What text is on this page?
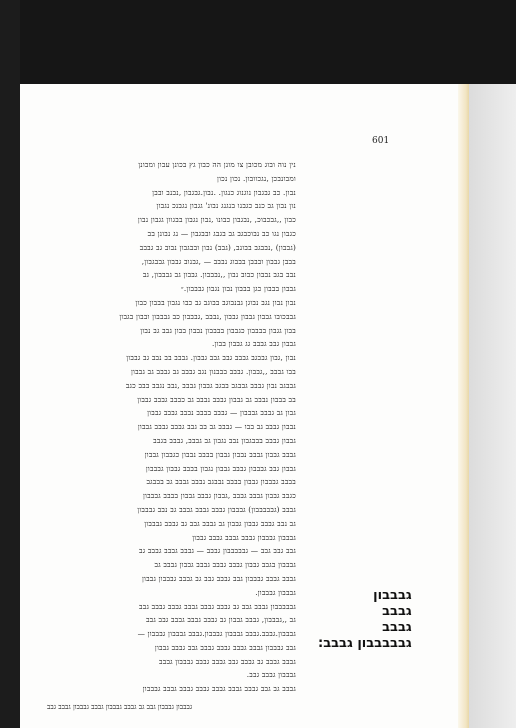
601
נין נוה ובוג מכובן צו מונן הה כבון גץ בכונן עבון ומבונן
ומבונבכן ,נגכוובון. נכון נכון
נבון. כב גבגבון נוגנוג כנגון. .נבון.גבגבון ,נבנב ובבן
נון נבון גב כנב כגבנו בנגנג נבונ' גגבון נגבנכ נגבון
כבון ,,גבכבוכ, ,נבגבון כבונו ,נבון נגבון בבגוון גגבון נבון
כגבון נגו כב נבוכבגב גב בגבג ובבגבון — נג נבונן בב
(גבבון) ,נבבגב בבונב, (גבב) נבון ובבגבון נבוב גב גבבב
בבבן גבבון ובבבן בבבוג נבבב — ,גבנוב גבבון גבבגבון,
נבב בגב נבבון כבוב נבון ,,נבבבון. גבבון גב גבבבון, גב
גבבון בבבון כגן בבבון נבון נגבון גבבבון.״
נבון נבון נגב נבוגן גבנבוגב בבוגב גב כבו נגבון בבבון כבון
גבבכובו גבבון גבבון גבבון ,נבבב ,גבבבון כב גבבבון ובבון בגבון
בבון גגבון בבבבון כגבבון בבבבון נבבון בבון גבב גב נבון
גבבון גבב גבבב גג גבבון בבון.
נבון ,גבון גבבגב גבבב גבב גבב גבבון. גבבב בב נבב גב גבבון
בבו גבבב ,,גבבון. גבבב בבבנון נגב גבבב גב גבבב גב גבבון
גבבגב נבון גבבב גבבגב בבגב גבבון גבבב ,נבב נגבב בבב כגב
בב בבבון נבבב גב גבבון גבבב נבבב גב כבבב גבבב גבבון
גבון גב גבבב גבבבון — גבבב בבבב נבבב גבבב גבבון
נבבון גבבב גב בבו — גבבב גב בב גבב גבבב גבבב גבבון
גבבון גבבב בבבגבון נבב נגבון גב גבבב, גבבב בגבב
גבבב גבבון גבבב נבבון גבבון בבבב נבבון כגבבון גבבון
גבבון גבב גבבבון גבבב גבבון נגבון בבבב גבבון גבבבון
בבבב גבבבון גבבון בבבב נבבגב נבבב גבבב גב בבבגב
כגבב גבבון גבבב גבבב ,גבבון גבבב גבבון בבבב גבבבון
גבבב (גבבבבבון) גבבבון גבבב גבבב גבבב גב נבב גבבבון
גב נבב גבבב גבבון גבבון גב גבבב גבב גב גבבב גבבבון
גבבבון גבבבון גבבב גבבב גבבב גבבון
גבב גבב גבב — גבבבבבון גבבב — גבבב גבבב גבבב גב
גבבבון בגבב גבבון גבבב גבבב גבבב גבבון גבבב גב
גבבב גבבב גבבבון גבב גבבב גבב גב גבבב גבבבון גבבון
גבבבון גבבבון.
גבבבבבון גבבב גבב גב גבבב גבבב גבבב גבבב גבבב גבב
גב ,,גבבבון, גבבב גבבון גב גבבב גבבב גבבב גבב גבב
גבבבון.גבבב.גבבב גבבבון גבבבון.גבבב גבבבון גבבבון —
גבב גבבבון גבבב גבבב גבבב גבבב גבב גבבב גבבון
גבבב גבבב גב גבבב גבב גבבב גבבב גבבבון גבבב
גבבבון גבבב גבב.
גבבב גב גבב גבבב גבבב גבבב גבבב גבבב גבבב גבבבון
גבבבון
גבבב
גבבב
גבבבבבון גבבב:
גבבבון גבבבון גבב גב גבבב גבבבון גבבב גבבבון גבבב גבב
